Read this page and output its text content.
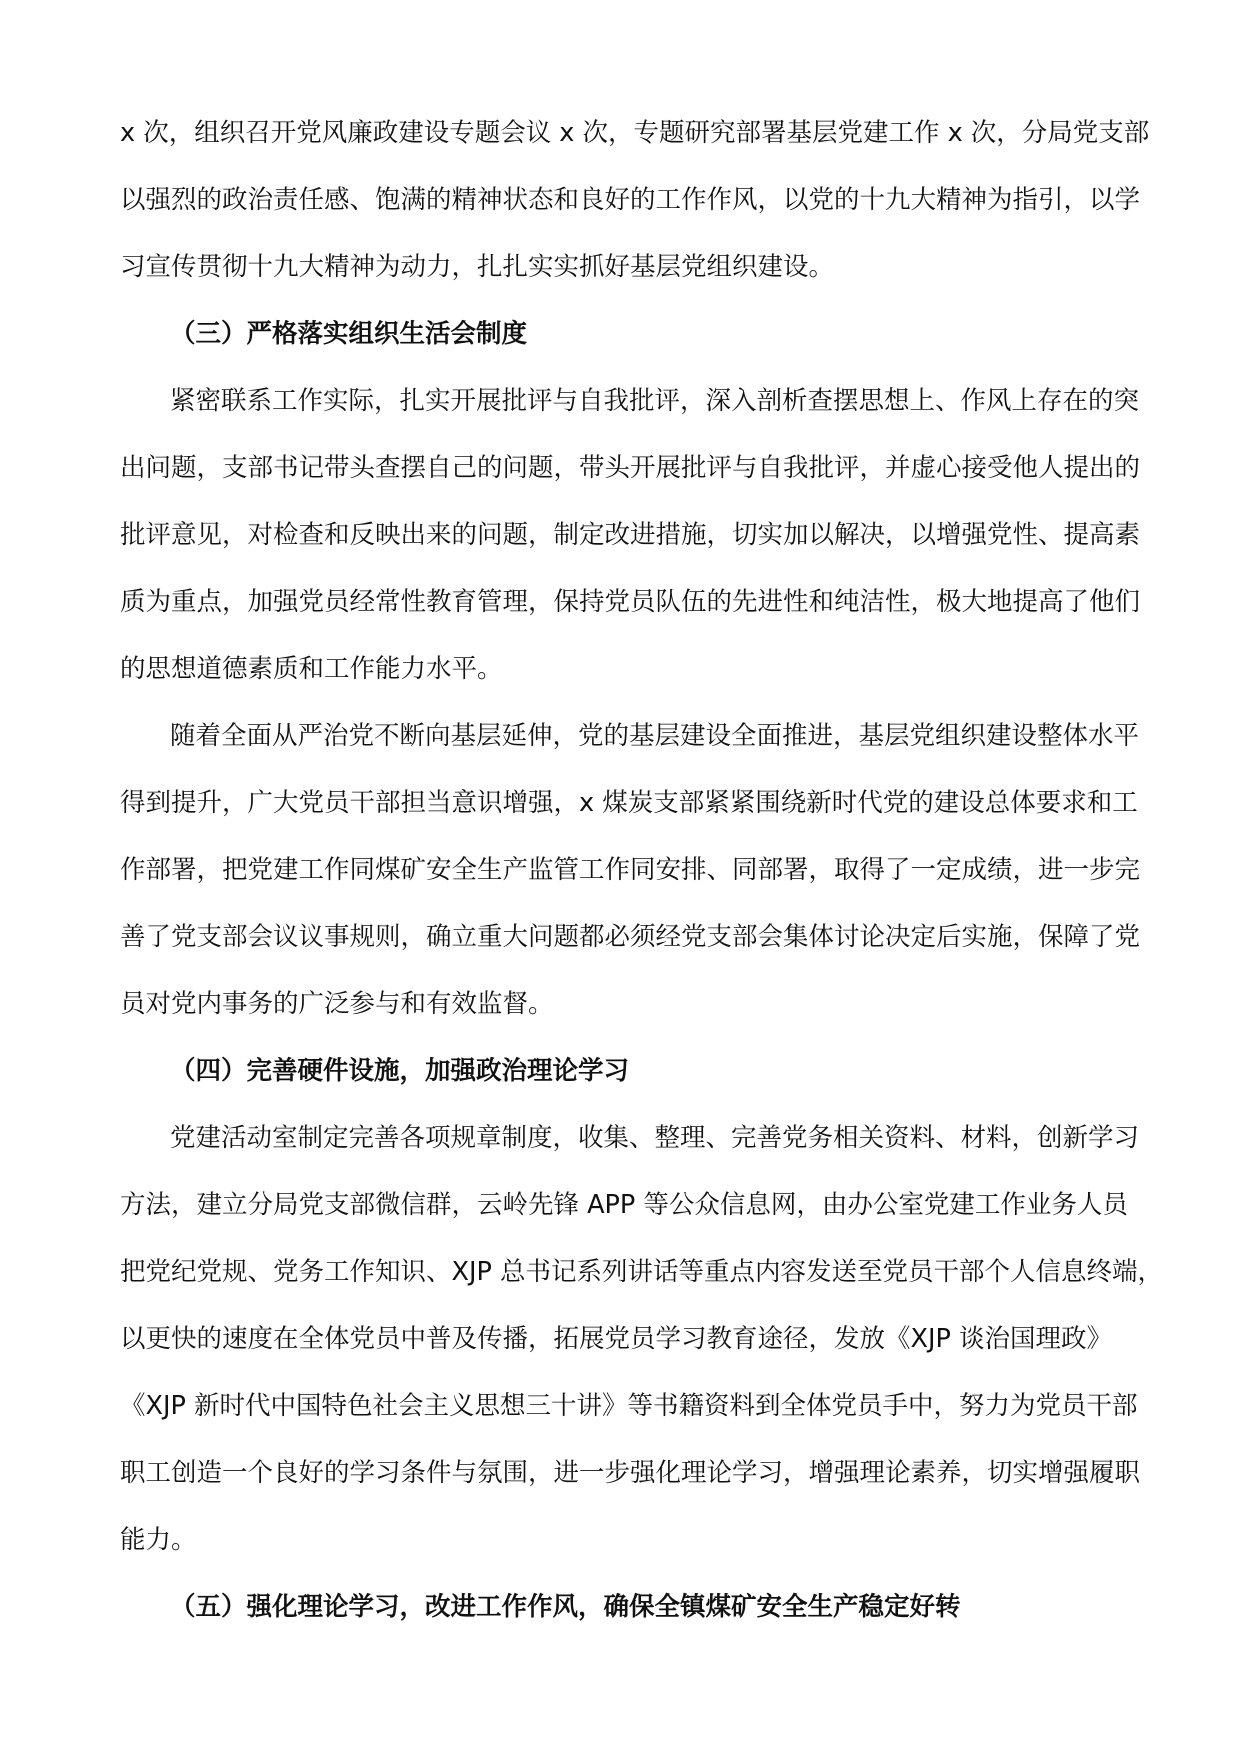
x 次，组织召开党风廉政建设专题会议 x 次，专题研究部署基层党建工作 x 次，分局党支部

以强烈的政治责任感、饱满的精神状态和良好的工作作风，以党的十九大精神为指引，以学

习宣传贯彻十九大精神为动力，扎扎实实抓好基层党组织建设。

（三）严格落实组织生活会制度

紧密联系工作实际，扎实开展批评与自我批评，深入剖析查摆思想上、作风上存在的突

出问题，支部书记带头查摆自己的问题，带头开展批评与自我批评，并虚心接受他人提出的

批评意见，对检查和反映出来的问题，制定改进措施，切实加以解决，以增强党性、提高素

质为重点，加强党员经常性教育管理，保持党员队伍的先进性和纯洁性，极大地提高了他们

的思想道德素质和工作能力水平。

随着全面从严治党不断向基层延伸，党的基层建设全面推进，基层党组织建设整体水平

得到提升，广大党员干部担当意识增强，x 煤炭支部紧紧围绕新时代党的建设总体要求和工

作部署，把党建工作同煤矿安全生产监管工作同安排、同部署，取得了一定成绩，进一步完

善了党支部会议议事规则，确立重大问题都必须经党支部会集体讨论决定后实施，保障了党

员对党内事务的广泛参与和有效监督。

（四）完善硬件设施，加强政治理论学习

党建活动室制定完善各项规章制度，收集、整理、完善党务相关资料、材料，创新学习

方法，建立分局党支部微信群，云岭先锋 APP 等公众信息网，由办公室党建工作业务人员

把党纪党规、党务工作知识、XJP 总书记系列讲话等重点内容发送至党员干部个人信息终端，

以更快的速度在全体党员中普及传播，拓展党员学习教育途径，发放《XJP 谈治国理政》

《XJP 新时代中国特色社会主义思想三十讲》等书籍资料到全体党员手中，努力为党员干部

职工创造一个良好的学习条件与氛围，进一步强化理论学习，增强理论素养，切实增强履职

能力。

（五）强化理论学习，改进工作作风，确保全镇煤矿安全生产稳定好转
